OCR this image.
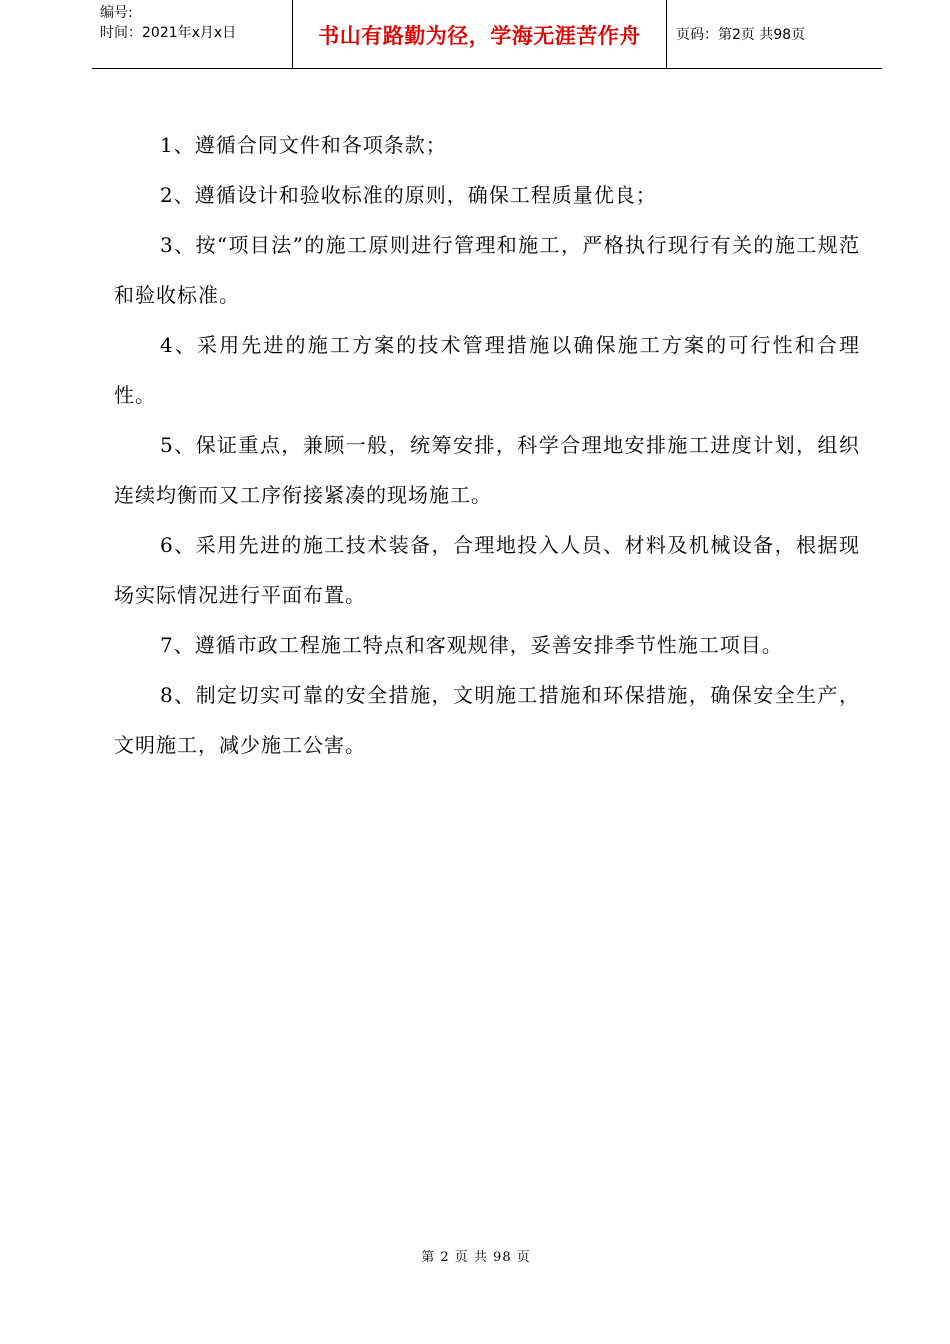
编号:
时间：2021年x月x日	书山有路勤为径，学海无涯苦作舟	页码：第2页 共98页

1、遵循合同文件和各项条款；

2、遵循设计和验收标准的原则，确保工程质量优良；

3、按“项目法”的施工原则进行管理和施工，严格执行现行有关的施工规范和验收标准。

4、采用先进的施工方案的技术管理措施以确保施工方案的可行性和合理性。

5、保证重点，兼顾一般，统筹安排，科学合理地安排施工进度计划，组织连续均衡而又工序衔接紧凑的现场施工。

6、采用先进的施工技术装备，合理地投入人员、材料及机械设备，根据现场实际情况进行平面布置。

7、遵循市政工程施工特点和客观规律，妥善安排季节性施工项目。

8、制定切实可靠的安全措施，文明施工措施和环保措施，确保安全生产，文明施工，减少施工公害。

第 2 页 共 98 页
